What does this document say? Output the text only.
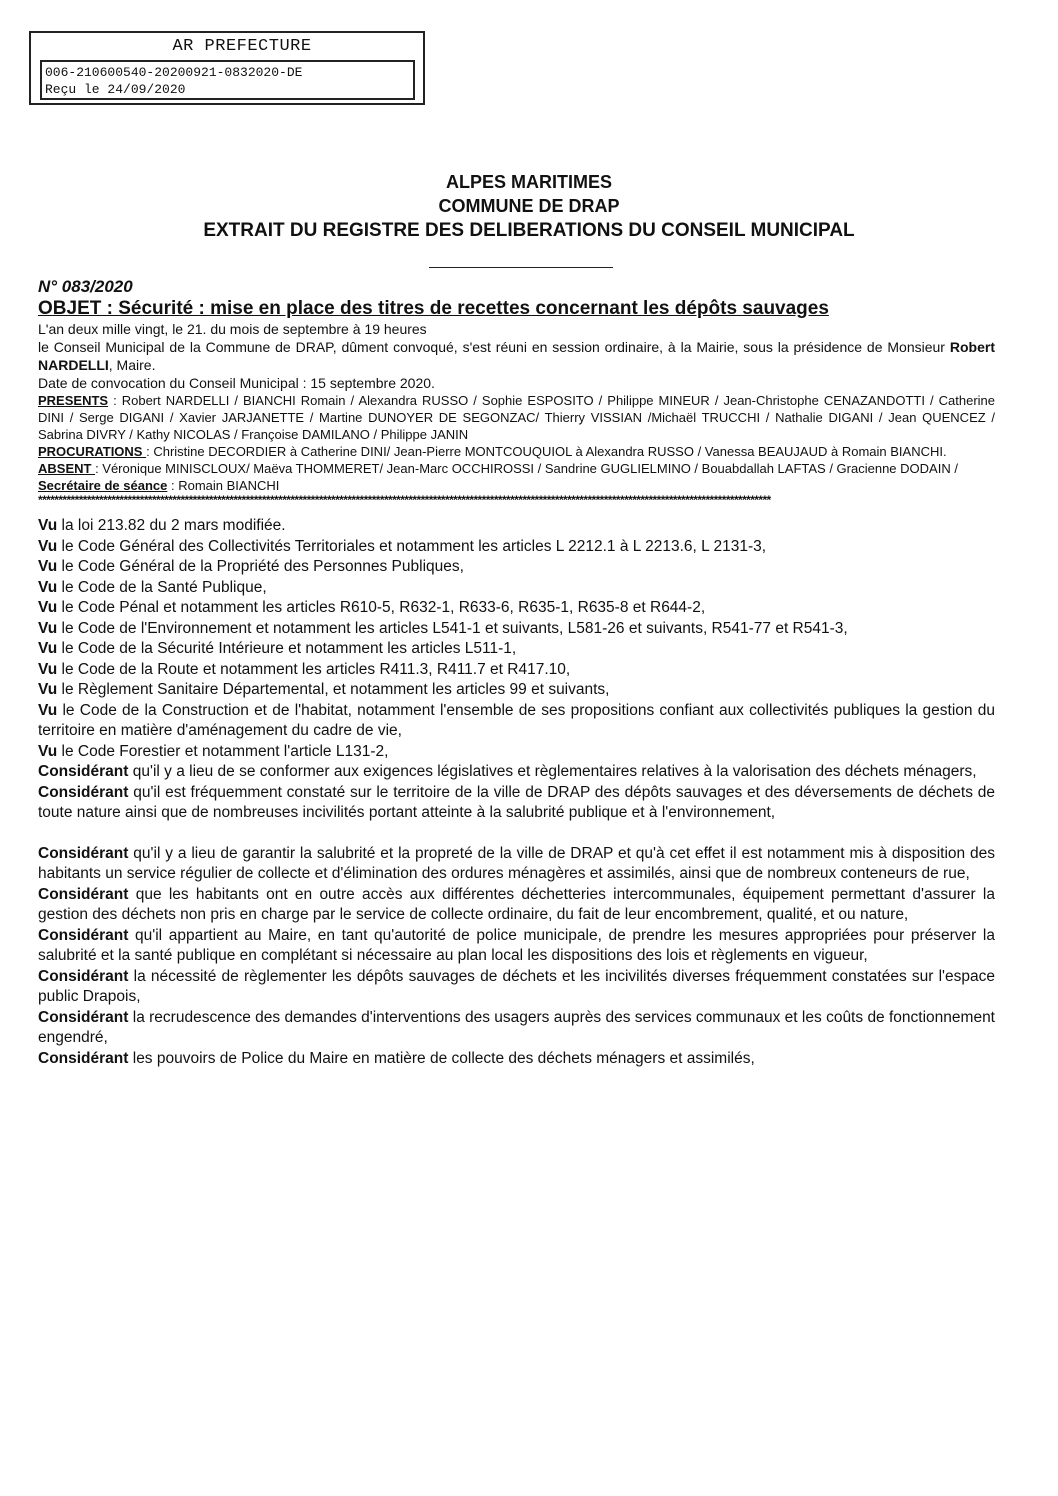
AR PREFECTURE
006-210600540-20200921-0832020-DE
Reçu le 24/09/2020
ALPES MARITIMES
COMMUNE DE DRAP
EXTRAIT DU REGISTRE DES DELIBERATIONS DU CONSEIL MUNICIPAL
N° 083/2020
OBJET : Sécurité : mise en place des titres de recettes concernant les dépôts sauvages
L'an deux mille vingt, le 21. du mois de septembre à 19 heures
le Conseil Municipal de la Commune de DRAP, dûment convoqué, s'est réuni en session ordinaire, à la Mairie, sous la présidence de Monsieur Robert NARDELLI, Maire.
Date de convocation du Conseil Municipal : 15 septembre 2020.
PRESENTS : Robert NARDELLI / BIANCHI Romain / Alexandra RUSSO / Sophie ESPOSITO / Philippe MINEUR / Jean-Christophe CENAZANDOTTI / Catherine DINI / Serge DIGANI / Xavier JARJANETTE / Martine DUNOYER DE SEGONZAC/ Thierry VISSIAN /Michaël TRUCCHI / Nathalie DIGANI / Jean QUENCEZ / Sabrina DIVRY / Kathy NICOLAS / Françoise DAMILANO / Philippe JANIN
PROCURATIONS : Christine DECORDIER à Catherine DINI/ Jean-Pierre MONTCOUQUIOL à Alexandra RUSSO / Vanessa BEAUJAUD à Romain BIANCHI.
ABSENT : Véronique MINISCLOUX/ Maëva THOMMERET/ Jean-Marc OCCHIROSSI / Sandrine GUGLIELMINO / Bouabdallah LAFTAS / Gracienne DODAIN /
Secrétaire de séance : Romain BIANCHI
************************************************************************************************************************************************************************************
Vu la loi 213.82 du 2 mars modifiée.
Vu le Code Général des Collectivités Territoriales et notamment les articles L 2212.1 à L 2213.6, L 2131-3,
Vu le Code Général de la Propriété des Personnes Publiques,
Vu le Code de la Santé Publique,
Vu le Code Pénal et notamment les articles R610-5, R632-1, R633-6, R635-1, R635-8 et R644-2,
Vu le Code de l'Environnement et notamment les articles L541-1 et suivants, L581-26 et suivants, R541-77 et R541-3,
Vu le Code de la Sécurité Intérieure et notamment les articles L511-1,
Vu le Code de la Route et notamment les articles R411.3, R411.7 et R417.10,
Vu le Règlement Sanitaire Départemental, et notamment les articles 99 et suivants,
Vu le Code de la Construction et de l'habitat, notamment l'ensemble de ses propositions confiant aux collectivités publiques la gestion du territoire en matière d'aménagement du cadre de vie,
Vu le Code Forestier et notamment l'article L131-2,
Considérant qu'il y a lieu de se conformer aux exigences législatives et règlementaires relatives à la valorisation des déchets ménagers,
Considérant qu'il est fréquemment constaté sur le territoire de la ville de DRAP des dépôts sauvages et des déversements de déchets de toute nature ainsi que de nombreuses incivilités portant atteinte à la salubrité publique et à l'environnement,
Considérant qu'il y a lieu de garantir la salubrité et la propreté de la ville de DRAP et qu'à cet effet il est notamment mis à disposition des habitants un service régulier de collecte et d'élimination des ordures ménagères et assimilés, ainsi que de nombreux conteneurs de rue,
Considérant que les habitants ont en outre accès aux différentes déchetteries intercommunales, équipement permettant d'assurer la gestion des déchets non pris en charge par le service de collecte ordinaire, du fait de leur encombrement, qualité, et ou nature,
Considérant qu'il appartient au Maire, en tant qu'autorité de police municipale, de prendre les mesures appropriées pour préserver la salubrité et la santé publique en complétant si nécessaire au plan local les dispositions des lois et règlements en vigueur,
Considérant la nécessité de règlementer les dépôts sauvages de déchets et les incivilités diverses fréquemment constatées sur l'espace public Drapois,
Considérant la recrudescence des demandes d'interventions des usagers auprès des services communaux et les coûts de fonctionnement engendré,
Considérant les pouvoirs de Police du Maire en matière de collecte des déchets ménagers et assimilés,
